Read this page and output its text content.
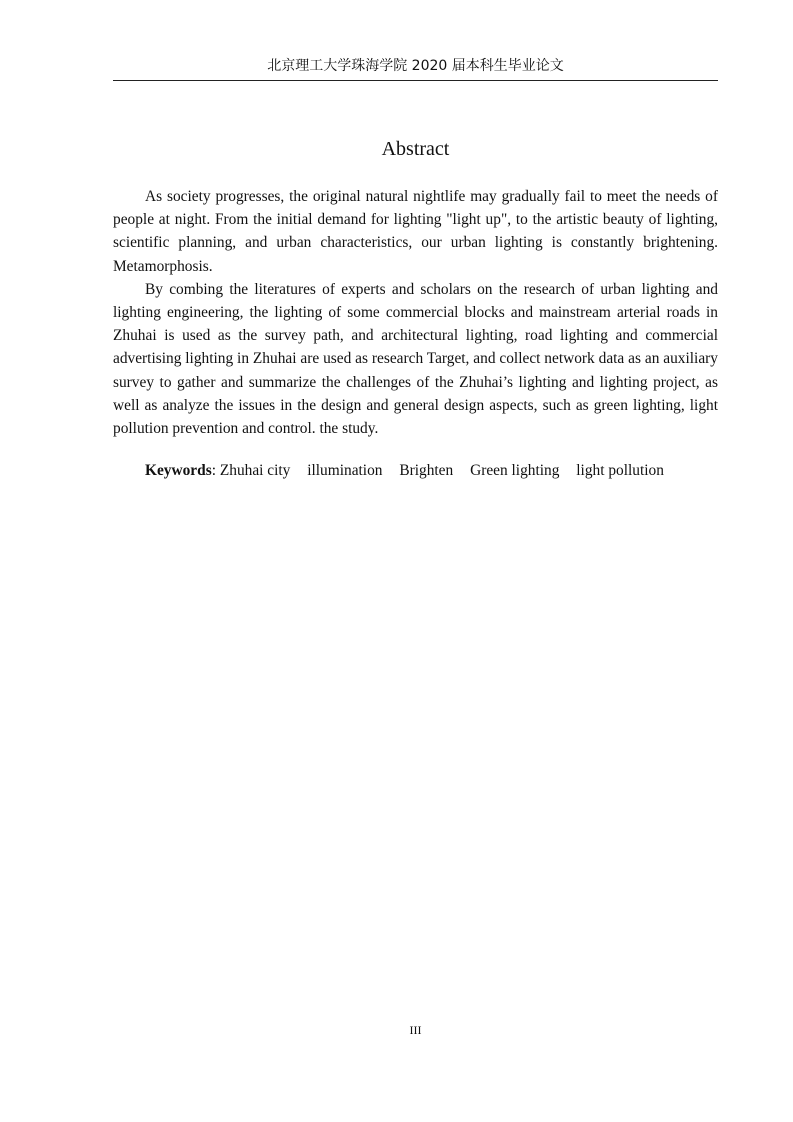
北京理工大学珠海学院 2020 届本科生毕业论文
Abstract

As society progresses, the original natural nightlife may gradually fail to meet the needs of people at night. From the initial demand for lighting "light up", to the artistic beauty of lighting, scientific planning, and urban characteristics, our urban lighting is constantly brightening. Metamorphosis.

By combing the literatures of experts and scholars on the research of urban lighting and lighting engineering, the lighting of some commercial blocks and mainstream arterial roads in Zhuhai is used as the survey path, and architectural lighting, road lighting and commercial advertising lighting in Zhuhai are used as research Target, and collect network data as an auxiliary survey to gather and summarize the challenges of the Zhuhai’s lighting and lighting project, as well as analyze the issues in the design and general design aspects, such as green lighting, light pollution prevention and control. the study.

Keywords: Zhuhai city illumination Brighten Green lighting light pollution
III
